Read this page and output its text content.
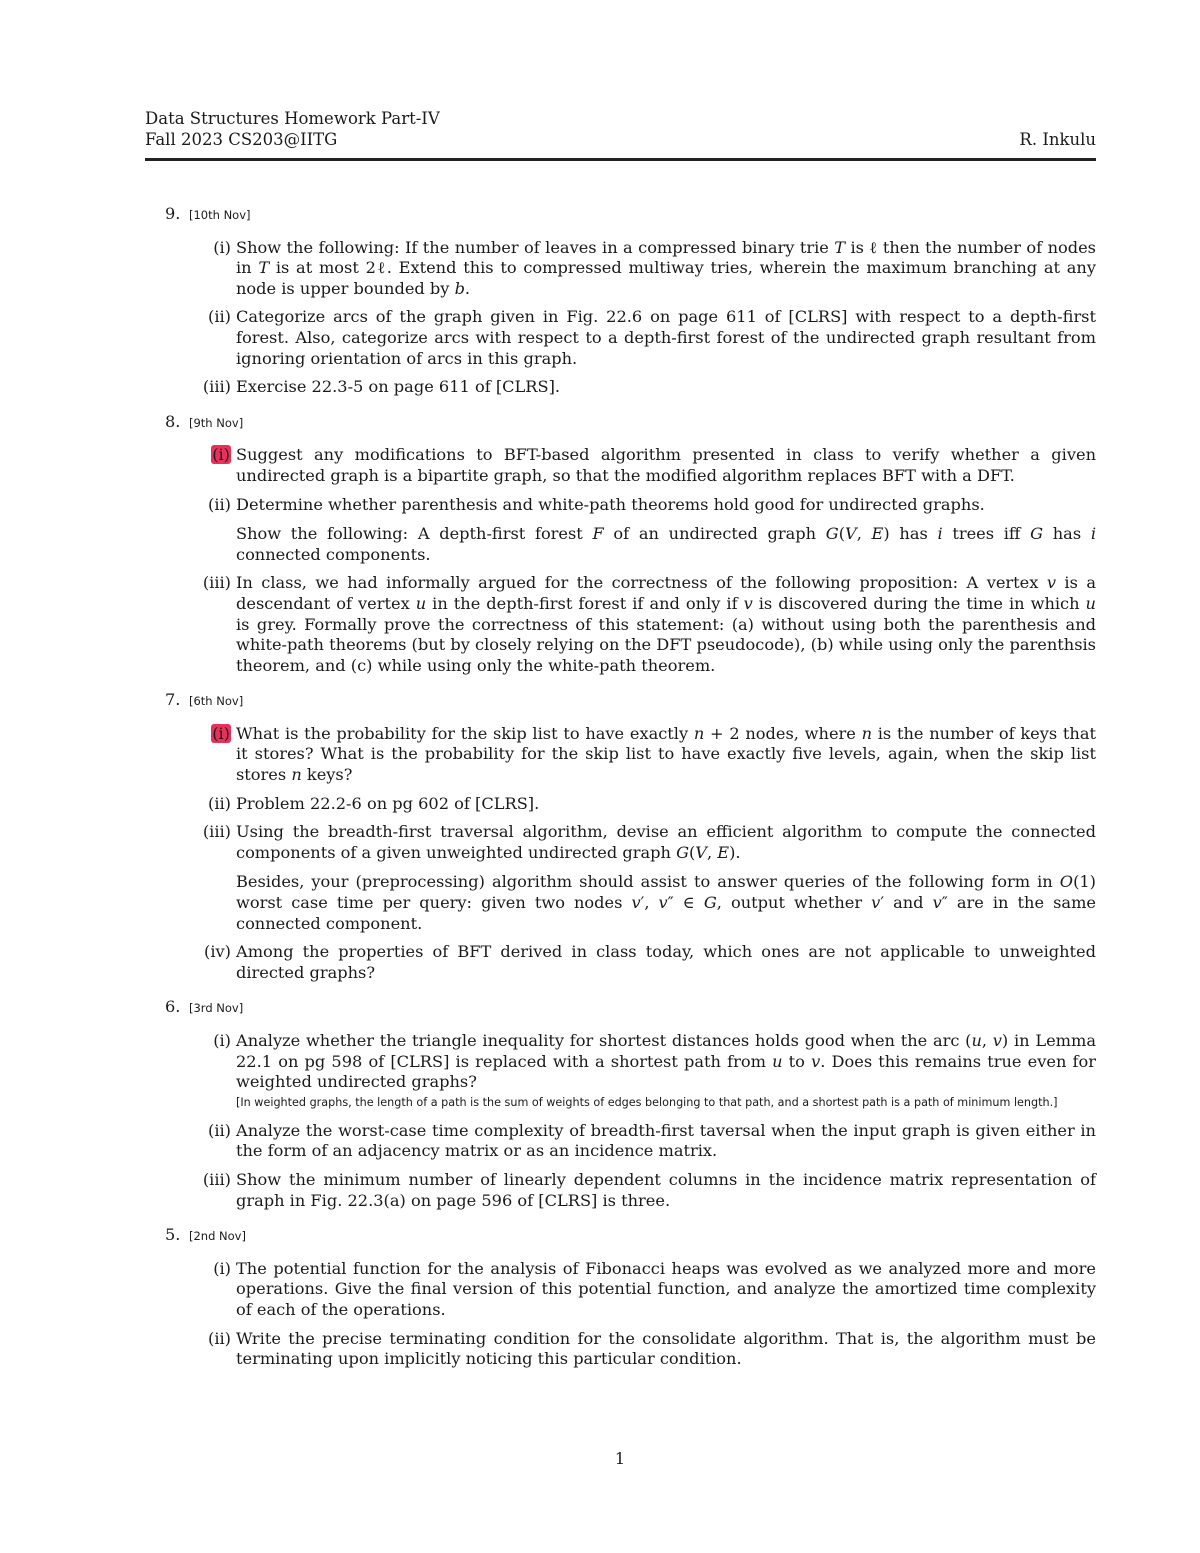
Data Structures Homework Part-IV
Fall 2023 CS203@IITG	R. Inkulu
9. [10th Nov]
(i) Show the following: If the number of leaves in a compressed binary trie 𝑇 is ℓ then the number of nodes in 𝑇 is at most 2ℓ. Extend this to compressed multiway tries, wherein the maximum branching at any node is upper bounded by 𝑏.
(ii) Categorize arcs of the graph given in Fig. 22.6 on page 611 of [CLRS] with respect to a depth-first forest. Also, categorize arcs with respect to a depth-first forest of the undirected graph resultant from ignoring orientation of arcs in this graph.
(iii) Exercise 22.3-5 on page 611 of [CLRS].
8. [9th Nov]
(i) Suggest any modifications to BFT-based algorithm presented in class to verify whether a given undirected graph is a bipartite graph, so that the modified algorithm replaces BFT with a DFT.
(ii) Determine whether parenthesis and white-path theorems hold good for undirected graphs.
Show the following: A depth-first forest 𝐹 of an undirected graph 𝐺(𝑉, 𝐸) has 𝑖 trees iff 𝐺 has 𝑖 connected components.
(iii) In class, we had informally argued for the correctness of the following proposition: A vertex 𝑣 is a descendant of vertex 𝑢 in the depth-first forest if and only if 𝑣 is discovered during the time in which 𝑢 is grey. Formally prove the correctness of this statement: (a) without using both the parenthesis and white-path theorems (but by closely relying on the DFT pseudocode), (b) while using only the parenthsis theorem, and (c) while using only the white-path theorem.
7. [6th Nov]
(i) What is the probability for the skip list to have exactly 𝑛 + 2 nodes, where 𝑛 is the number of keys that it stores? What is the probability for the skip list to have exactly five levels, again, when the skip list stores 𝑛 keys?
(ii) Problem 22.2-6 on pg 602 of [CLRS].
(iii) Using the breadth-first traversal algorithm, devise an efficient algorithm to compute the connected components of a given unweighted undirected graph 𝐺(𝑉, 𝐸).
Besides, your (preprocessing) algorithm should assist to answer queries of the following form in 𝑂(1) worst case time per query: given two nodes 𝑣′, 𝑣″ ∈ 𝐺, output whether 𝑣′ and 𝑣″ are in the same connected component.
(iv) Among the properties of BFT derived in class today, which ones are not applicable to unweighted directed graphs?
6. [3rd Nov]
(i) Analyze whether the triangle inequality for shortest distances holds good when the arc (𝑢, 𝑣) in Lemma 22.1 on pg 598 of [CLRS] is replaced with a shortest path from 𝑢 to 𝑣. Does this remains true even for weighted undirected graphs?
[In weighted graphs, the length of a path is the sum of weights of edges belonging to that path, and a shortest path is a path of minimum length.]
(ii) Analyze the worst-case time complexity of breadth-first taversal when the input graph is given either in the form of an adjacency matrix or as an incidence matrix.
(iii) Show the minimum number of linearly dependent columns in the incidence matrix representation of graph in Fig. 22.3(a) on page 596 of [CLRS] is three.
5. [2nd Nov]
(i) The potential function for the analysis of Fibonacci heaps was evolved as we analyzed more and more operations. Give the final version of this potential function, and analyze the amortized time complexity of each of the operations.
(ii) Write the precise terminating condition for the consolidate algorithm. That is, the algorithm must be terminating upon implicitly noticing this particular condition.
1
